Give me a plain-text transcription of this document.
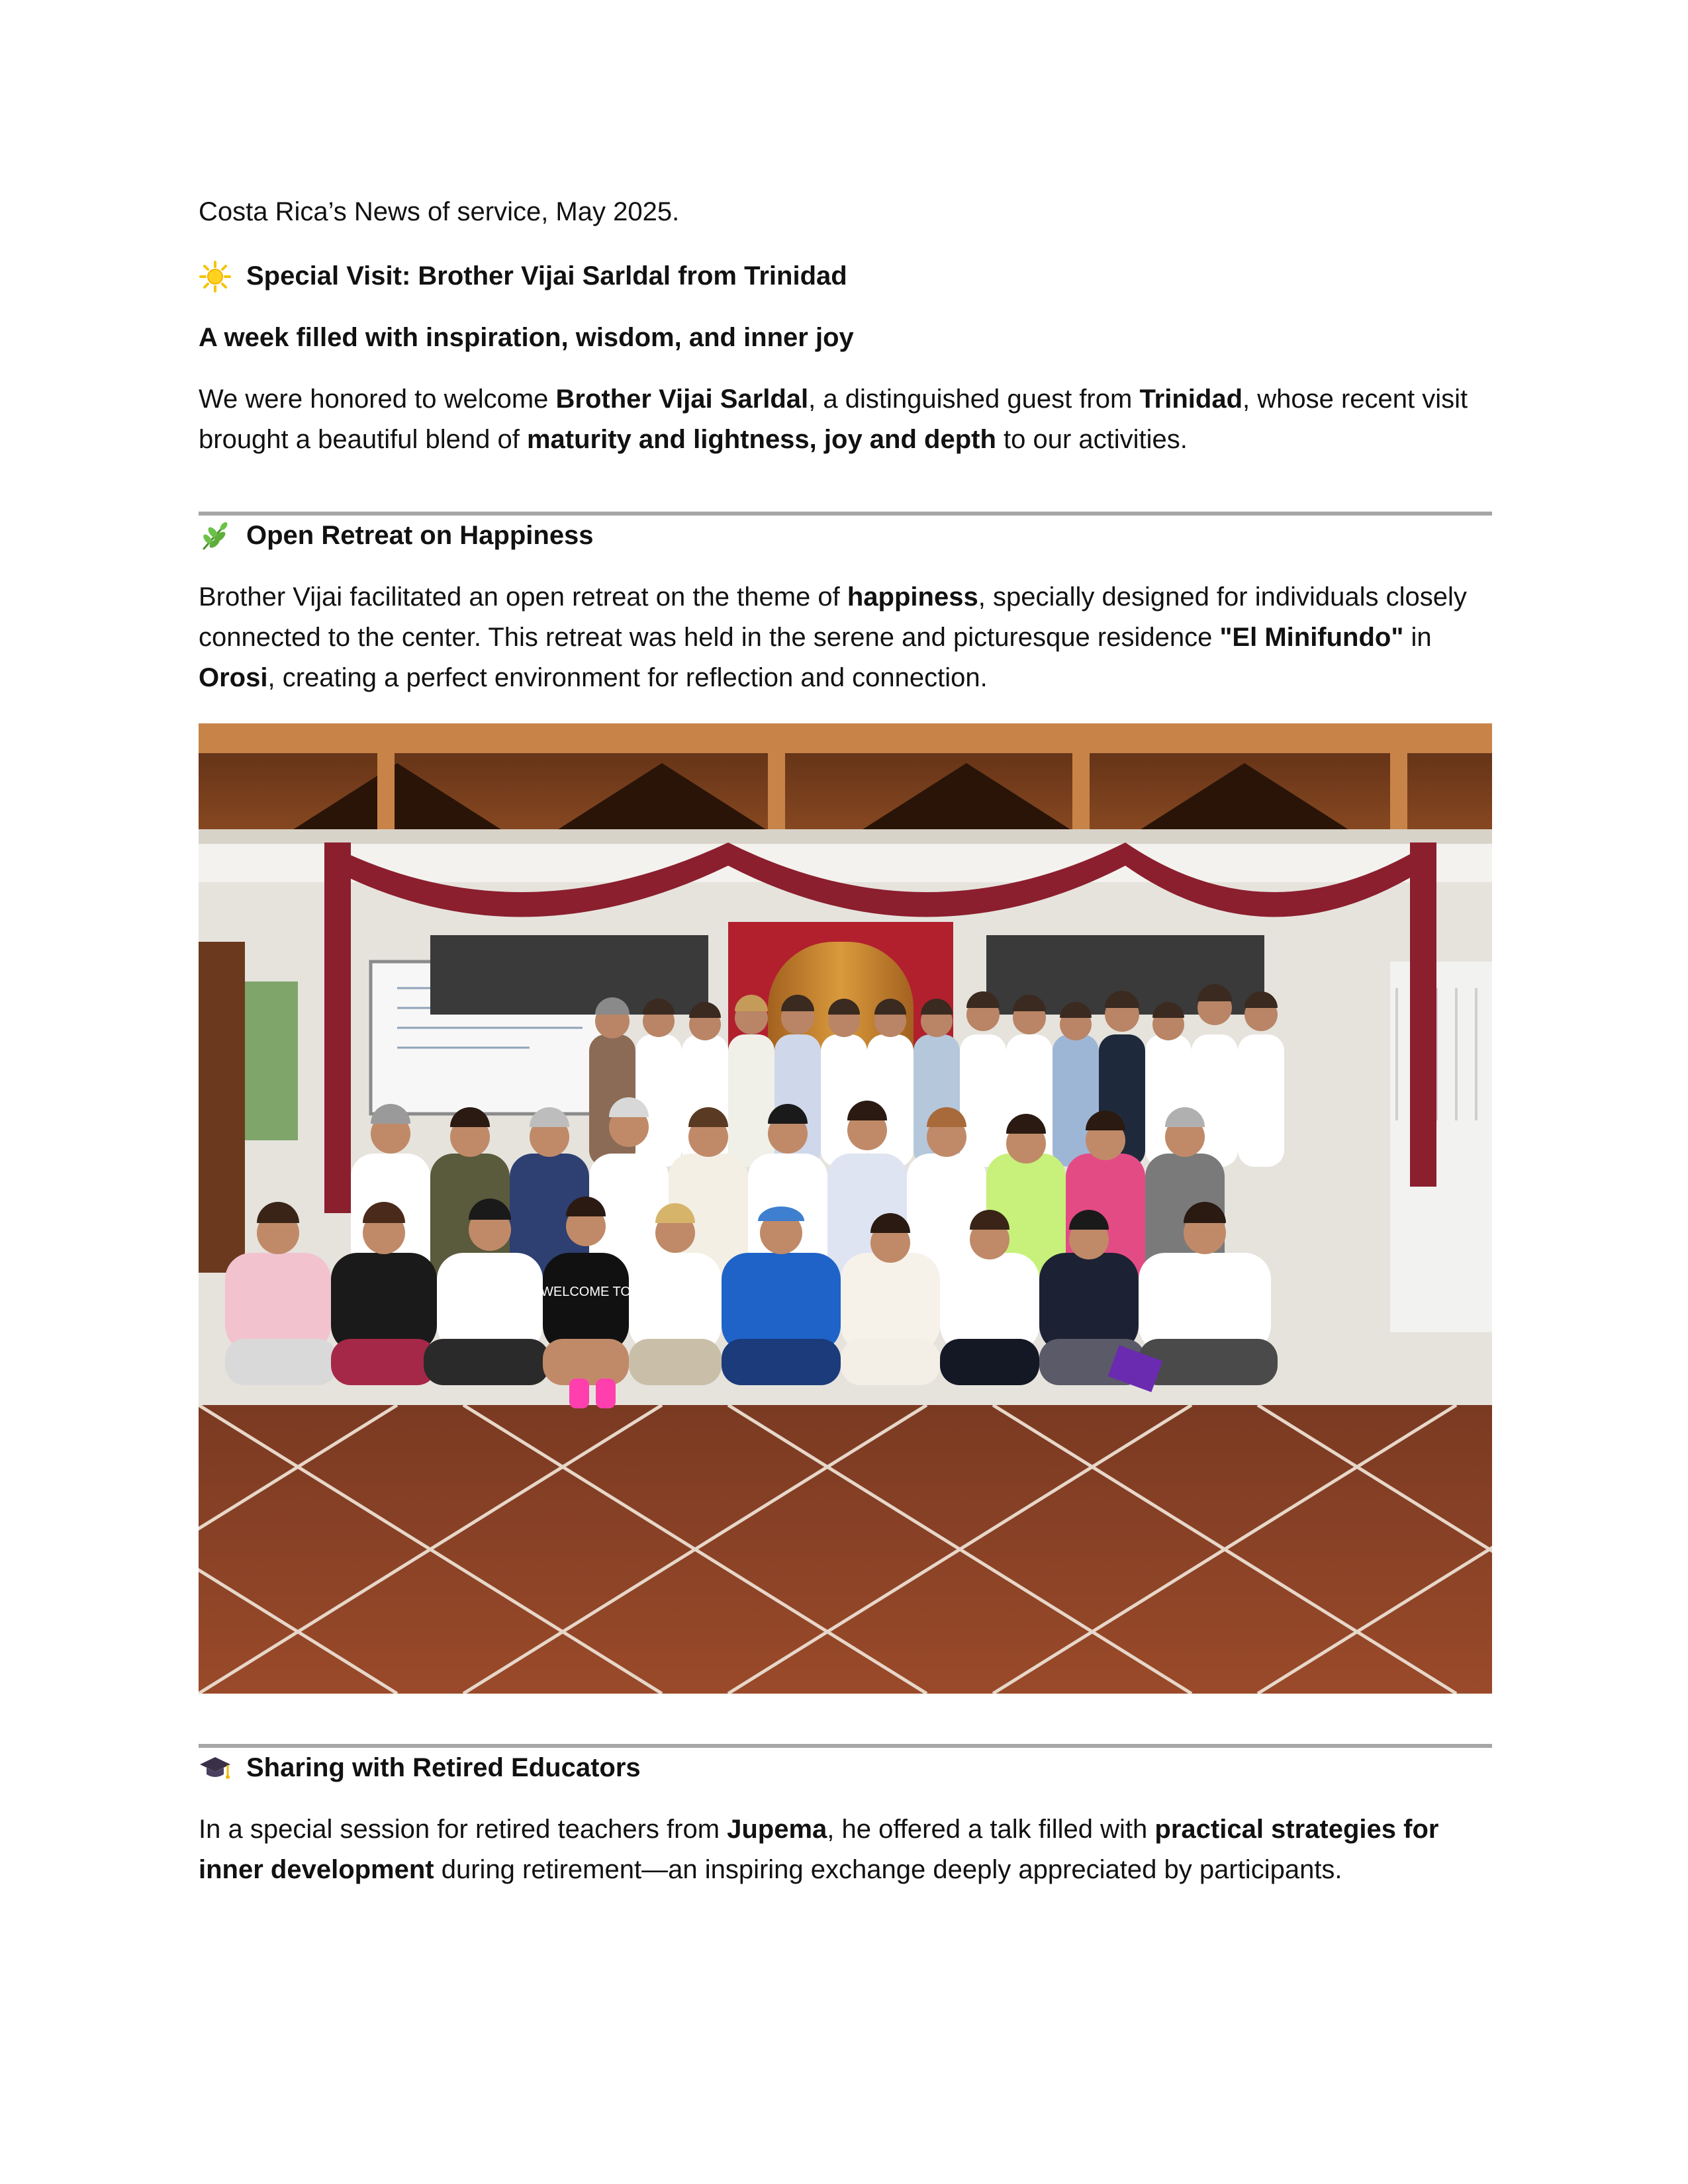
Costa Rica’s News of service, May 2025.

Special Visit: Brother Vijai Sarldal from Trinidad

A week filled with inspiration, wisdom, and inner joy

We were honored to welcome Brother Vijai Sarldal, a distinguished guest from Trinidad, whose recent visit brought a beautiful blend of maturity and lightness, joy and depth to our activities.

Open Retreat on Happiness

Brother Vijai facilitated an open retreat on the theme of happiness, specially designed for individuals closely connected to the center. This retreat was held in the serene and picturesque residence "El Minifundo" in Orosi, creating a perfect environment for reflection and connection.

WELCOME TO
Sharing with Retired Educators

In a special session for retired teachers from Jupema, he offered a talk filled with practical strategies for inner development during retirement—an inspiring exchange deeply appreciated by participants.
